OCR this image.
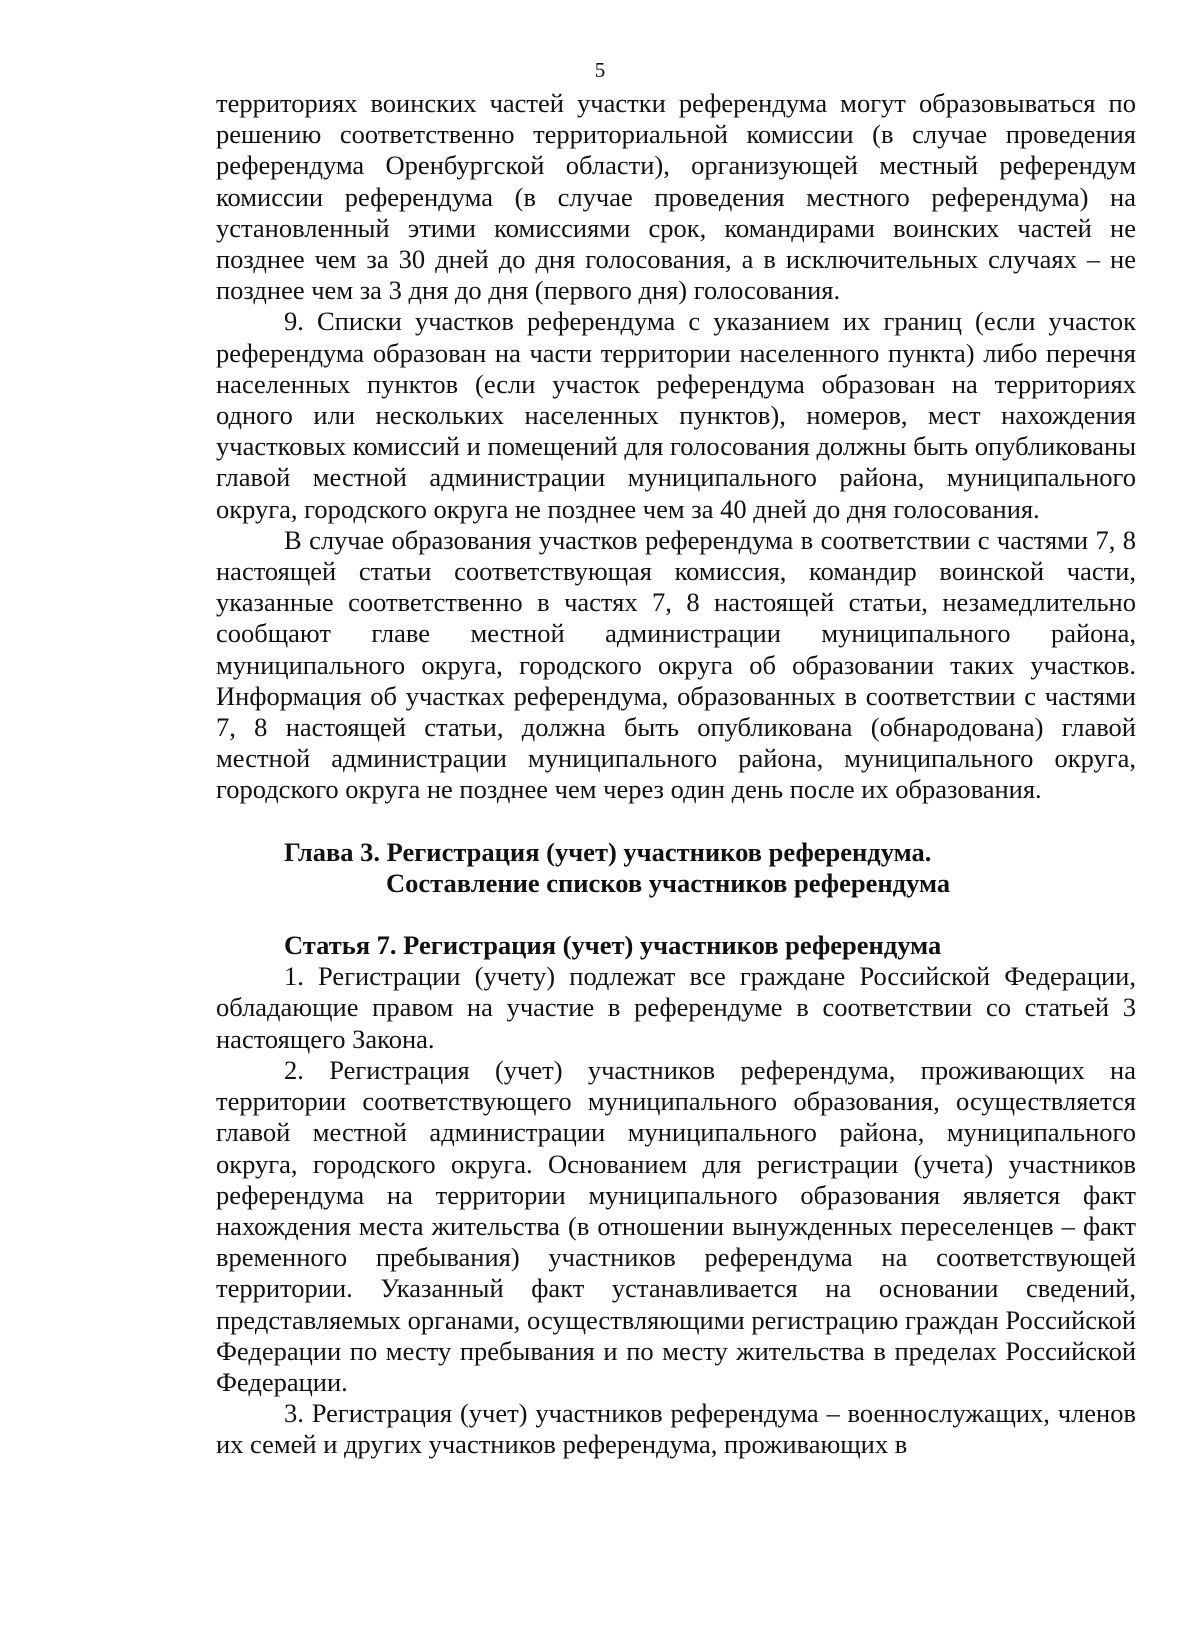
5

территориях воинских частей участки референдума могут образовываться по решению соответственно территориальной комиссии (в случае проведения референдума Оренбургской области), организующей местный референдум комиссии референдума (в случае проведения местного референдума) на установленный этими комиссиями срок, командирами воинских частей не позднее чем за 30 дней до дня голосования, а в исключительных случаях – не позднее чем за 3 дня до дня (первого дня) голосования.

9. Списки участков референдума с указанием их границ (если участок референдума образован на части территории населенного пункта) либо перечня населенных пунктов (если участок референдума образован на территориях одного или нескольких населенных пунктов), номеров, мест нахождения участковых комиссий и помещений для голосования должны быть опубликованы главой местной администрации муниципального района, муниципального округа, городского округа не позднее чем за 40 дней до дня голосования.

В случае образования участков референдума в соответствии с частями 7, 8 настоящей статьи соответствующая комиссия, командир воинской части, указанные соответственно в частях 7, 8 настоящей статьи, незамедлительно сообщают главе местной администрации муниципального района, муниципального округа, городского округа об образовании таких участков. Информация об участках референдума, образованных в соответствии с частями 7, 8 настоящей статьи, должна быть опубликована (обнародована) главой местной администрации муниципального района, муниципального округа, городского округа не позднее чем через один день после их образования.

Глава 3. Регистрация (учет) участников референдума.
Составление списков участников референдума
Статья 7. Регистрация (учет) участников референдума

1. Регистрации (учету) подлежат все граждане Российской Федерации, обладающие правом на участие в референдуме в соответствии со статьей 3 настоящего Закона.

2. Регистрация (учет) участников референдума, проживающих на территории соответствующего муниципального образования, осуществляется главой местной администрации муниципального района, муниципального округа, городского округа. Основанием для регистрации (учета) участников референдума на территории муниципального образования является факт нахождения места жительства (в отношении вынужденных переселенцев – факт временного пребывания) участников референдума на соответствующей территории. Указанный факт устанавливается на основании сведений, представляемых органами, осуществляющими регистрацию граждан Российской Федерации по месту пребывания и по месту жительства в пределах Российской Федерации.

3. Регистрация (учет) участников референдума – военнослужащих, членов их семей и других участников референдума, проживающих в
